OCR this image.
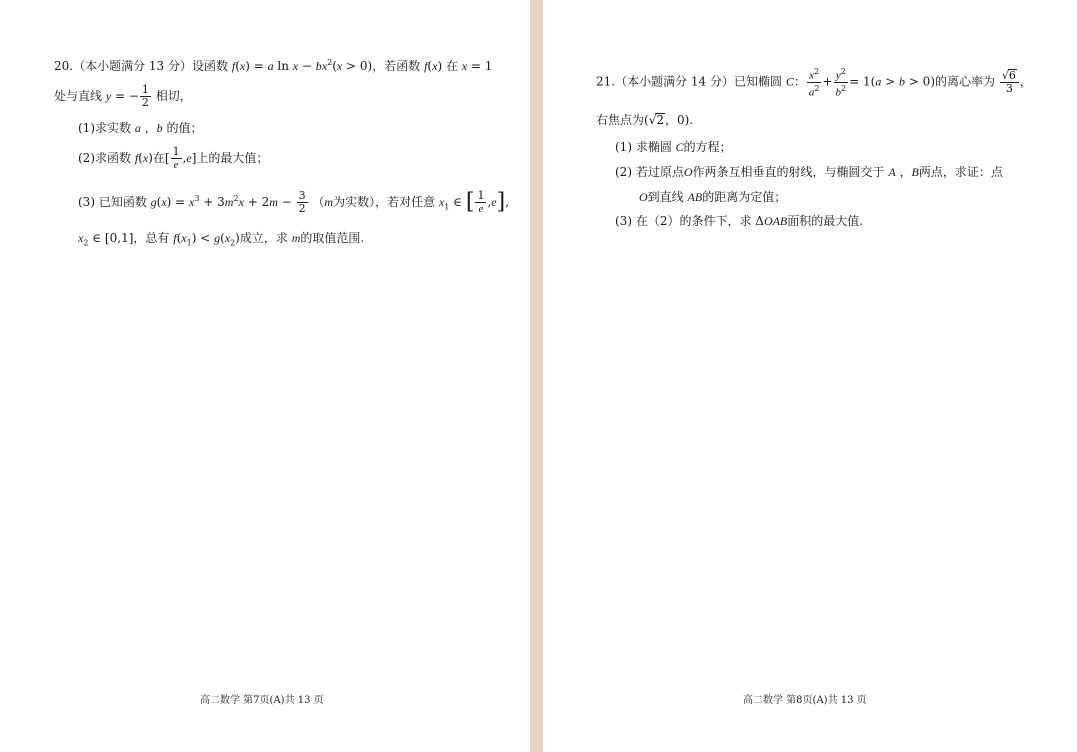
20.（本小题满分 13 分）设函数 f(x) = a $\ln x - bx^2(x > 0)$，若函数 f(x) 在 x = 1
处与直线 y = − $\frac{1}{2}$ 相切，
(1)求实数 a ，b 的值；
(2)求函数 f(x)在[ $\frac{1}{e} ,e$]上的最大值；
(3) 已知函数 $g(x) = x^3 + 3m^2x + 2m - \frac{3}{2} (m$为实数），若对任意 $x_1$ ∈ [ $\frac{1}{e} ,e$],
$x_2$ ∈ [0,1]，总有 $f(x_1) < g(x_2)$成立，求 m的取值范围.
高二数学 第7页(A)共 13 页
21.（本小题满分 14 分）已知椭圆 C： $\frac{x^2}{a^2} + \frac{y^2}{b^2} = 1(a > b > 0)$的离心率为 $\frac{√6}{3}$ ，
右焦点为(√2，0).
(1) 求椭圆 C的方程；
(2) 若过原点O作两条互相垂直的射线，与椭圆交于 A ，B两点，求证：点
O到直线 AB的距离为定值；
(3) 在（2）的条件下，求 ΔOAB面积的最大值.
高二数学 第8页(A)共 13 页
